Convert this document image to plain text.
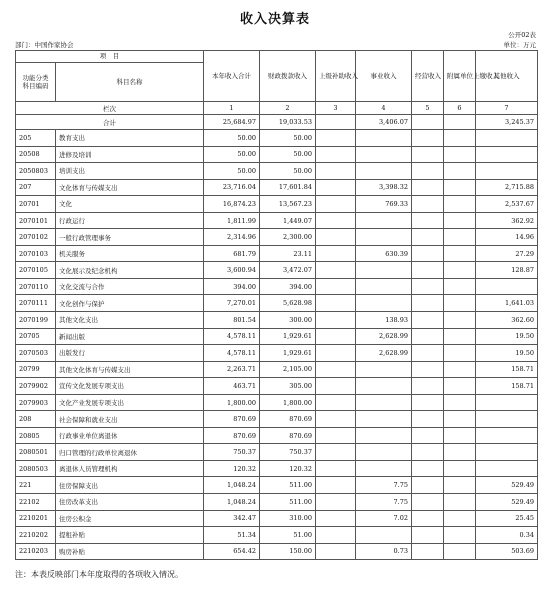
收入决算表
公开02表
部门：中国作家协会	单位：万元
项　目		本年收入合计	财政拨款收入	上级补助收入	事业收入	经营收入	附属单位上缴收入	其他收入
功能分类
科目编码	科目名称							
栏次		1	2	3	4	5	6	7
合计		25,684.97	19,033.53		3,406.07			3,245.37
205	教育支出	50.00	50.00					
20508	进修及培训	50.00	50.00					
2050803	培训支出	50.00	50.00					
207	文化体育与传媒支出	23,716.04	17,601.84		3,398.32			2,715.88
20701	文化	16,874.23	13,567.23		769.33			2,537.67
2070101	行政运行	1,811.99	1,449.07					362.92
2070102	一般行政管理事务	2,314.96	2,300.00					14.96
2070103	机关服务	681.79	23.11		630.39			27.29
2070105	文化展示及纪念机构	3,600.94	3,472.07					128.87
2070110	文化交流与合作	394.00	394.00					
2070111	文化创作与保护	7,270.01	5,628.98					1,641.03
2070199	其他文化支出	801.54	300.00		138.93			362.60
20705	新闻出版	4,578.11	1,929.61		2,628.99			19.50
2070503	出版发行	4,578.11	1,929.61		2,628.99			19.50
20799	其他文化体育与传媒支出	2,263.71	2,105.00					158.71
2079902	宣传文化发展专项支出	463.71	305.00					158.71
2079903	文化产业发展专项支出	1,800.00	1,800.00					
208	社会保障和就业支出	870.69	870.69					
20805	行政事业单位离退休	870.69	870.69					
2080501	归口管理的行政单位离退休	750.37	750.37					
2080503	离退休人员管理机构	120.32	120.32					
221	住房保障支出	1,048.24	511.00		7.75			529.49
22102	住房改革支出	1,048.24	511.00		7.75			529.49
2210201	住房公积金	342.47	310.00		7.02			25.45
2210202	提租补贴	51.34	51.00					0.34
2210203	购房补贴	654.42	150.00		0.73			503.69
注：本表反映部门本年度取得的各项收入情况。
